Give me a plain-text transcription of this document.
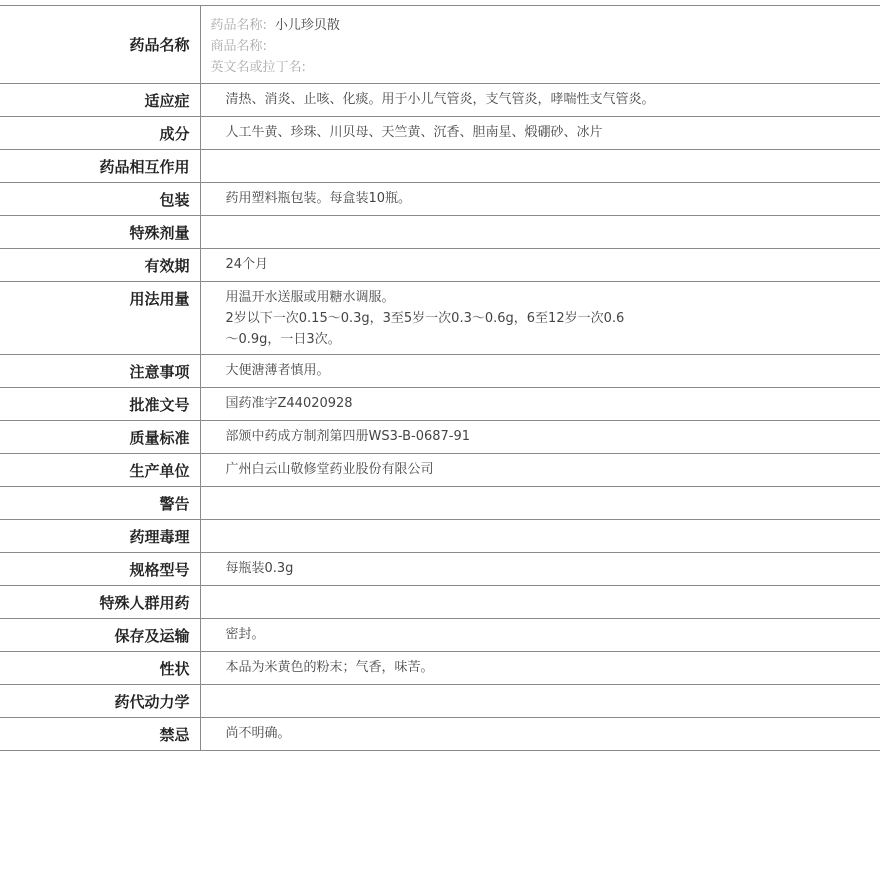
药品名称	药品名称: 小儿珍贝散
商品名称:
英文名或拉丁名:

适应症	清热、消炎、止咳、化痰。用于小儿气管炎，支气管炎，哮喘性支气管炎。
成分	人工牛黄、珍珠、川贝母、天竺黄、沉香、胆南星、煅硼砂、冰片
药品相互作用	
包装	药用塑料瓶包装。每盒装10瓶。
特殊剂量	
有效期	24个月
用法用量	用温开水送服或用糖水调服。
2岁以下一次0.15～0.3g，3至5岁一次0.3～0.6g，6至12岁一次0.6
～0.9g，一日3次。

注意事项	大便溏薄者慎用。
批准文号	国药准字Z44020928
质量标准	部颁中药成方制剂第四册WS3-B-0687-91
生产单位	广州白云山敬修堂药业股份有限公司
警告	
药理毒理	
规格型号	每瓶装0.3g
特殊人群用药	
保存及运输	密封。
性状	本品为米黄色的粉末；气香，味苦。
药代动力学	
禁忌	尚不明确。
